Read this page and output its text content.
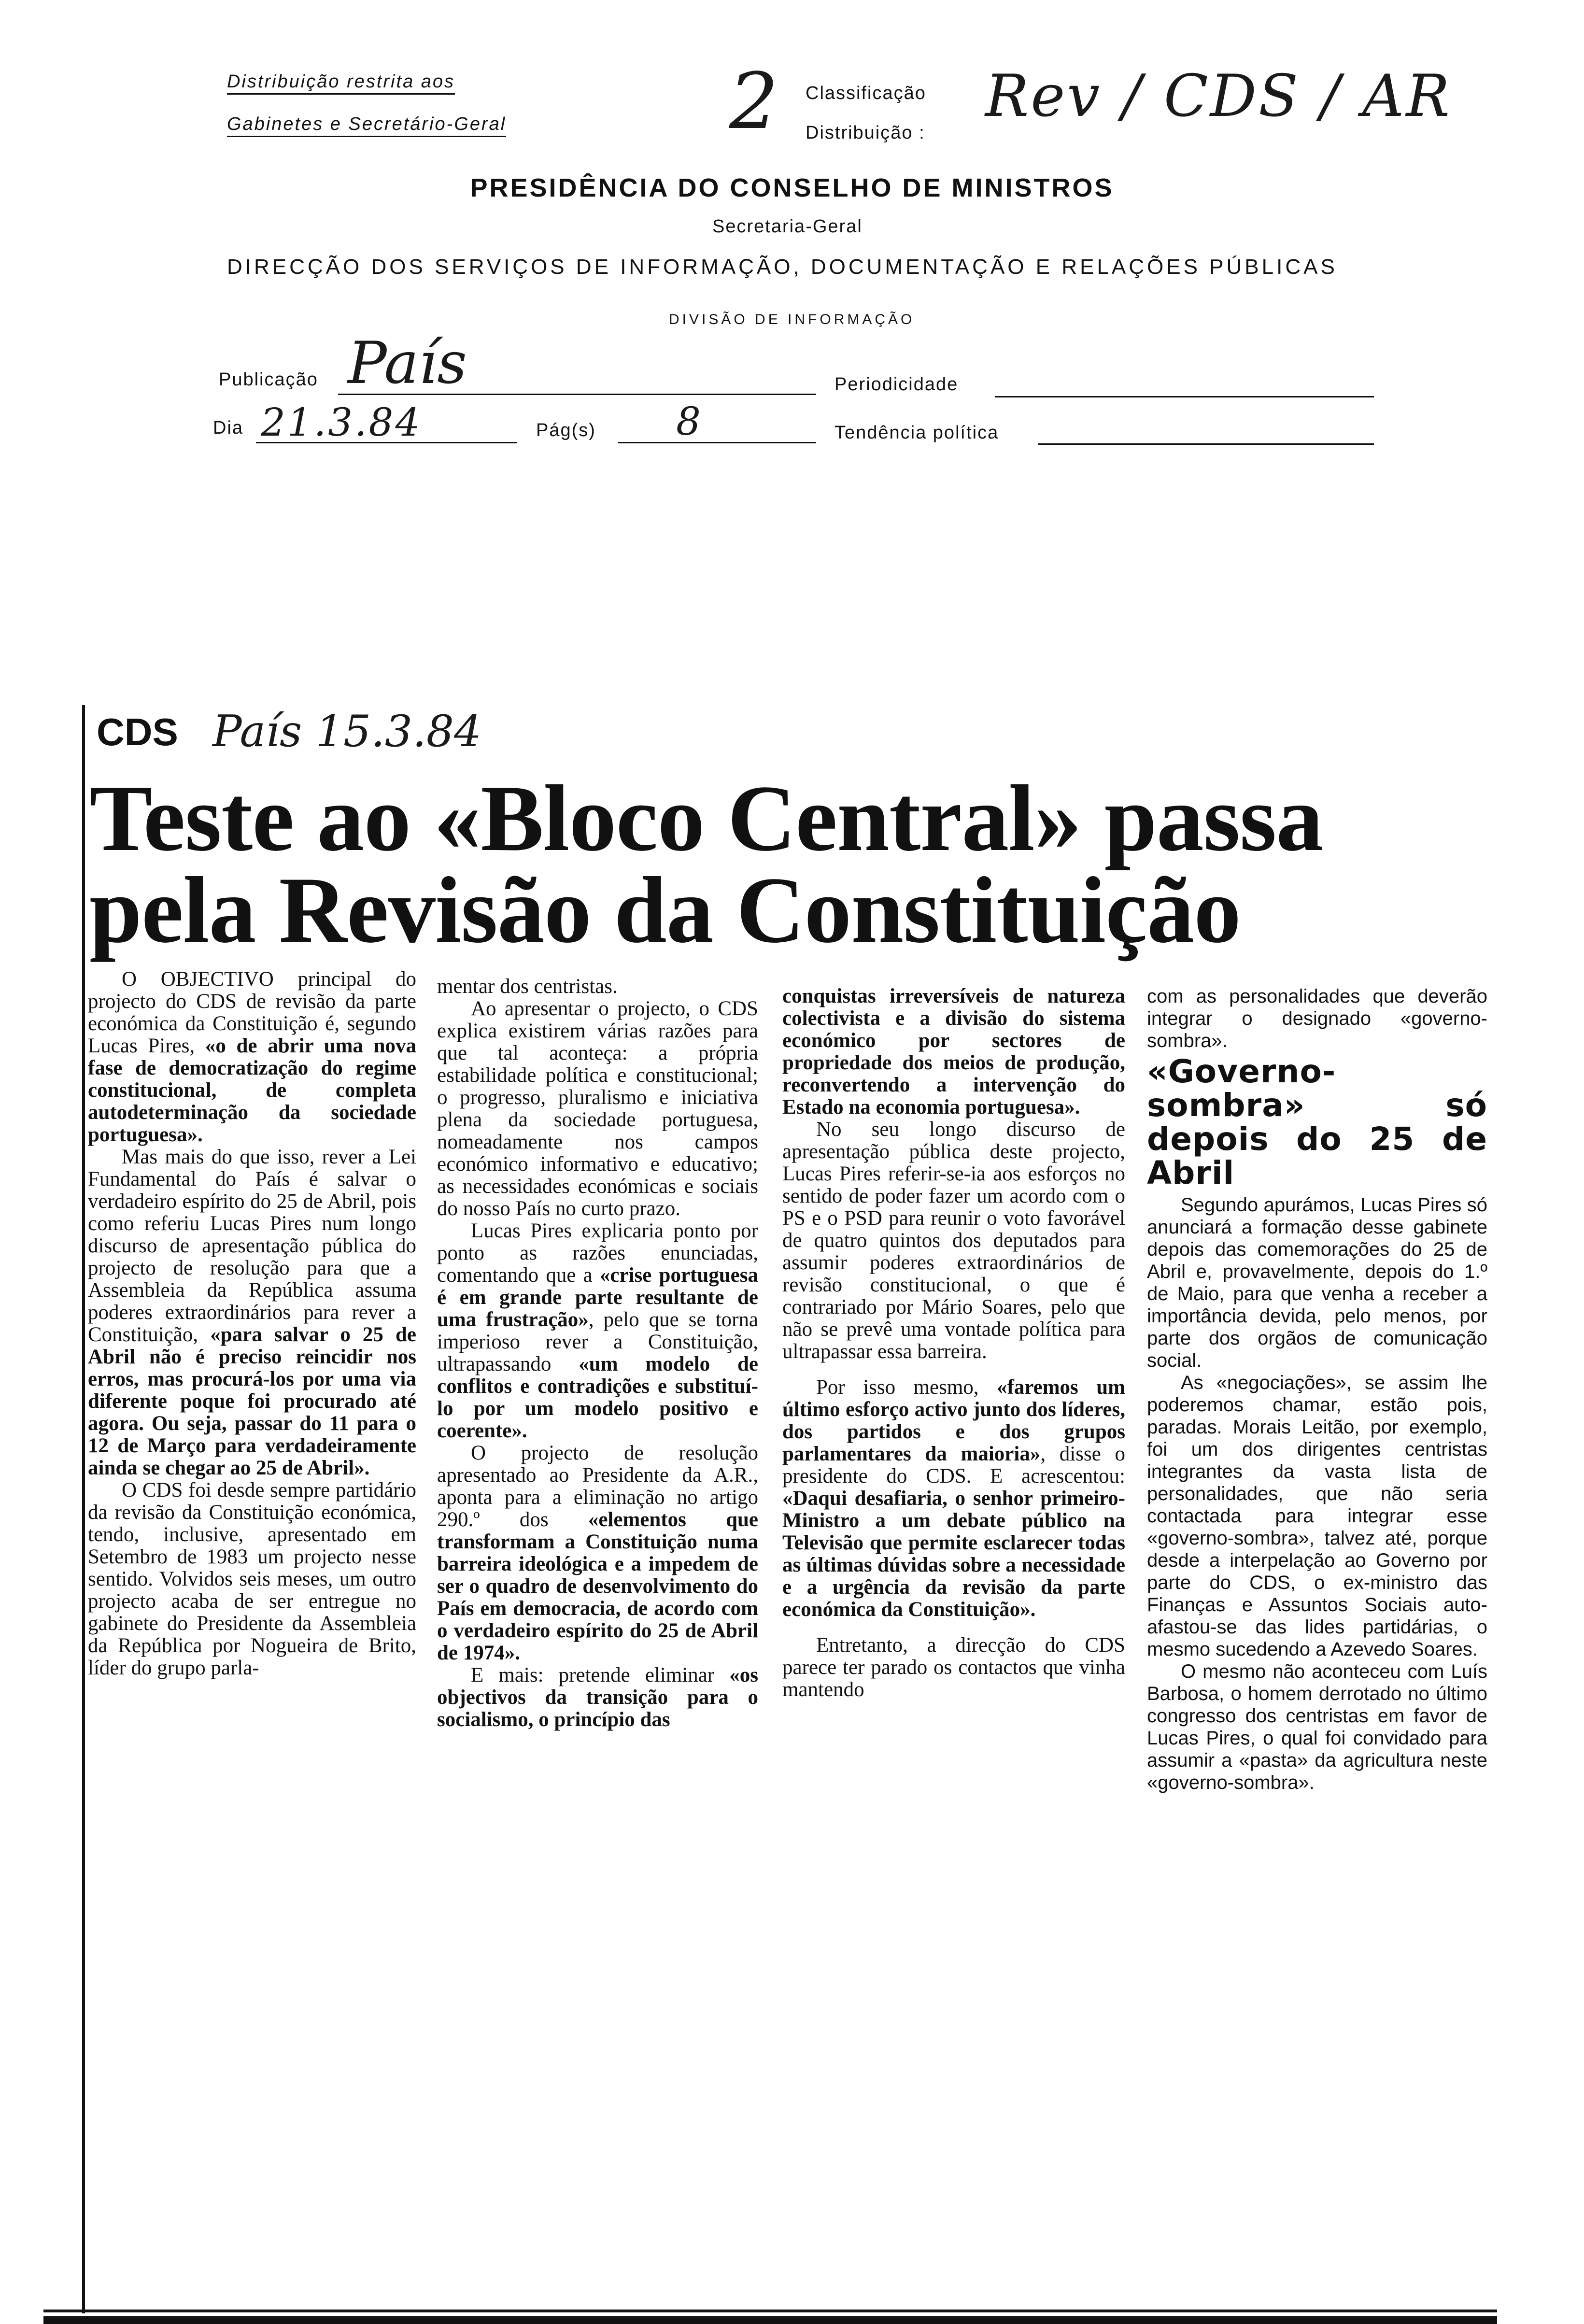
Distribuição restrita aos
Gabinetes e Secretário-Geral	2 Classificação
Distribuição :
Rev / CDS / AR
PRESIDÊNCIA DO CONSELHO DE MINISTROS
Secretaria-Geral
DIRECÇÃO DOS SERVIÇOS DE INFORMAÇÃO, DOCUMENTAÇÃO E RELAÇÕES PÚBLICAS
DIVISÃO DE INFORMAÇÃO
Publicação País	Periodicidade
Dia 21.3.84	Pág(s) 8	Tendência política
CDS País 15.3.84
Teste ao «Bloco Central» passa
pela Revisão da Constituição
O OBJECTIVO principal do projecto do CDS de revisão da parte económica da Constituição é, segundo Lucas Pires, «o de abrir uma nova fase de democratização do regime constitucional, de completa autodeterminação da sociedade portuguesa».
Mas mais do que isso, rever a Lei Fundamental do País é salvar o verdadeiro espírito do 25 de Abril, pois como referiu Lucas Pires num longo discurso de apresentação pública do projecto de resolução para que a Assembleia da República assuma poderes extraordinários para rever a Constituição, «para salvar o 25 de Abril não é preciso reincidir nos erros, mas procurá-los por uma via diferente poque foi procurado até agora. Ou seja, passar do 11 para o 12 de Março para verdadeiramente ainda se chegar ao 25 de Abril».
O CDS foi desde sempre partidário da revisão da Constituição económica, tendo, inclusive, apresentado em Setembro de 1983 um projecto nesse sentido. Volvidos seis meses, um outro projecto acaba de ser entregue no gabinete do Presidente da Assembleia da República por Nogueira de Brito, líder do grupo parla-
mentar dos centristas.
Ao apresentar o projecto, o CDS explica existirem várias razões para que tal aconteça: a própria estabilidade política e constitucional; o progresso, pluralismo e iniciativa plena da sociedade portuguesa, nomeadamente nos campos económico informativo e educativo; as necessidades económicas e sociais do nosso País no curto prazo.
Lucas Pires explicaria ponto por ponto as razões enunciadas, comentando que a «crise portuguesa é em grande parte resultante de uma frustração», pelo que se torna imperioso rever a Constituição, ultrapassando «um modelo de conflitos e contradições e substituí-lo por um modelo positivo e coerente».
O projecto de resolução apresentado ao Presidente da A.R., aponta para a eliminação no artigo 290.º dos «elementos que transformam a Constituição numa barreira ideológica e a impedem de ser o quadro de desenvolvimento do País em democracia, de acordo com o verdadeiro espírito do 25 de Abril de 1974».
E mais: pretende eliminar «os objectivos da transição para o socialismo, o princípio das
conquistas irreversíveis de natureza colectivista e a divisão do sistema económico por sectores de propriedade dos meios de produção, reconvertendo a intervenção do Estado na economia portuguesa».
No seu longo discurso de apresentação pública deste projecto, Lucas Pires referir-se-ia aos esforços no sentido de poder fazer um acordo com o PS e o PSD para reunir o voto favorável de quatro quintos dos deputados para assumir poderes extraordinários de revisão constitucional, o que é contrariado por Mário Soares, pelo que não se prevê uma vontade política para ultrapassar essa barreira.
Por isso mesmo, «faremos um último esforço activo junto dos líderes, dos partidos e dos grupos parlamentares da maioria», disse o presidente do CDS. E acrescentou: «Daqui desafiaria, o senhor primeiro-Ministro a um debate público na Televisão que permite esclarecer todas as últimas dúvidas sobre a necessidade e a urgência da revisão da parte económica da Constituição».
Entretanto, a direcção do CDS parece ter parado os contactos que vinha mantendo
com as personalidades que deverão integrar o designado «governo-sombra».
«Governo-sombra» só depois do 25 de Abril
Segundo apurámos, Lucas Pires só anunciará a formação desse gabinete depois das comemorações do 25 de Abril e, provavelmente, depois do 1.º de Maio, para que venha a receber a importância devida, pelo menos, por parte dos orgãos de comunicação social.
As «negociações», se assim lhe poderemos chamar, estão pois, paradas. Morais Leitão, por exemplo, foi um dos dirigentes centristas integrantes da vasta lista de personalidades, que não seria contactada para integrar esse «governo-sombra», talvez até, porque desde a interpelação ao Governo por parte do CDS, o ex-ministro das Finanças e Assuntos Sociais auto-afastou-se das lides partidárias, o mesmo sucedendo a Azevedo Soares.
O mesmo não aconteceu com Luís Barbosa, o homem derrotado no último congresso dos centristas em favor de Lucas Pires, o qual foi convidado para assumir a «pasta» da agricultura neste «governo-sombra».
